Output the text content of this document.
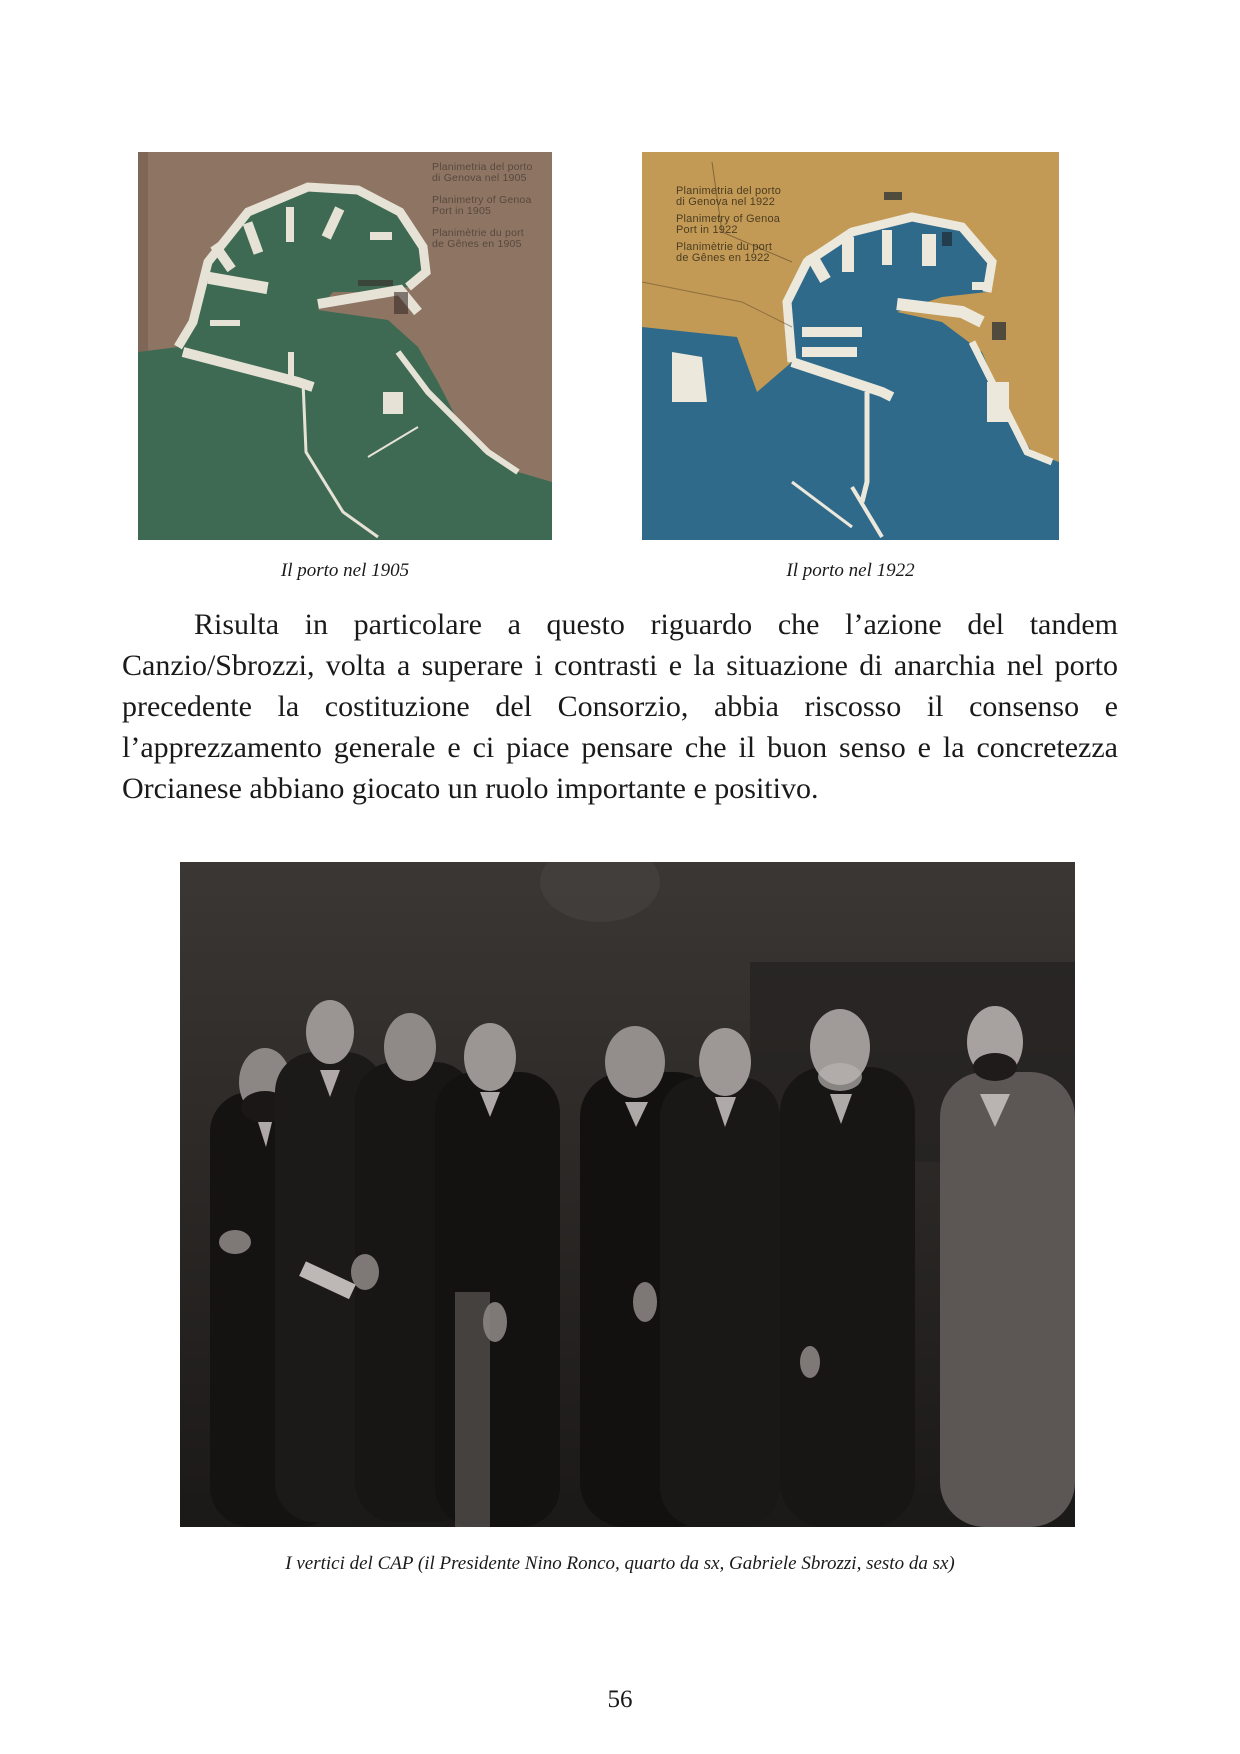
Planimetria del porto
di Genova nel 1905

Planimetry of Genoa
Port in 1905

Planimètrie du port
de Gênes en 1905
Planimetria del porto
di Genova nel 1922
Planimetry of Genoa
Port in 1922
Planimètrie du port
de Gênes en 1922
Il porto nel 1905	Il porto nel 1922

Risulta in particolare a questo riguardo che l’azione del tandem Canzio/Sbrozzi, volta a superare i contrasti e la situazione di anarchia nel porto precedente la costituzione del Consorzio, abbia riscosso il consenso e l’apprezzamento generale e ci piace pensare che il buon senso e la concretezza Orcianese abbiano giocato un ruolo importante e positivo.

I vertici del CAP (il Presidente Nino Ronco, quarto da sx, Gabriele Sbrozzi, sesto da sx)
56
